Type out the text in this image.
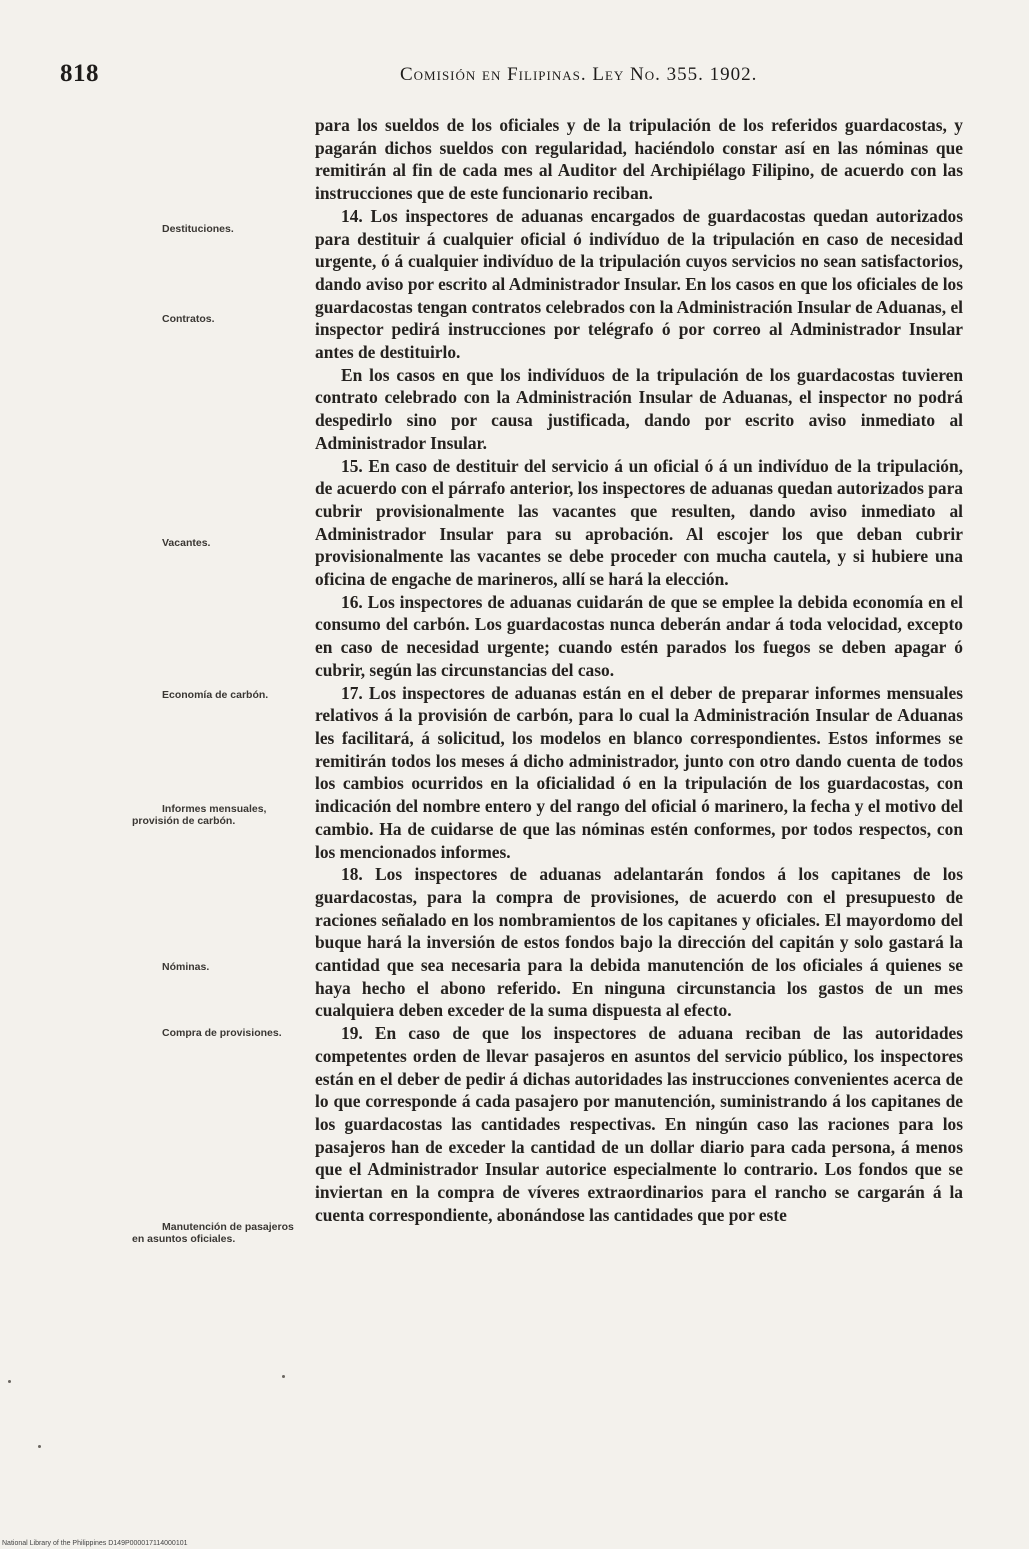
818	Comisión en Filipinas. Ley No. 355. 1902.
Destituciones.
Contratos.
Vacantes.
Economía de carbón.
Informes mensuales, provisión de carbón.
Nóminas.
Compra de provisiones.
Manutención de pasajeros en asuntos oficiales.

para los sueldos de los oficiales y de la tripulación de los referidos guardacostas, y pagarán dichos sueldos con regularidad, haciéndolo constar así en las nóminas que remitirán al fin de cada mes al Auditor del Archipiélago Filipino, de acuerdo con las instrucciones que de este funcionario reciban.

14. Los inspectores de aduanas encargados de guardacostas quedan autorizados para destituir á cualquier oficial ó indivíduo de la tripulación en caso de necesidad urgente, ó á cualquier indivíduo de la tripulación cuyos servicios no sean satisfactorios, dando aviso por escrito al Administrador Insular. En los casos en que los oficiales de los guardacostas tengan contratos celebrados con la Administración Insular de Aduanas, el inspector pedirá instrucciones por telégrafo ó por correo al Administrador Insular antes de destituirlo.

En los casos en que los indivíduos de la tripulación de los guardacostas tuvieren contrato celebrado con la Administración Insular de Aduanas, el inspector no podrá despedirlo sino por causa justificada, dando por escrito aviso inmediato al Administrador Insular.

15. En caso de destituir del servicio á un oficial ó á un indivíduo de la tripulación, de acuerdo con el párrafo anterior, los inspectores de aduanas quedan autorizados para cubrir provisionalmente las vacantes que resulten, dando aviso inmediato al Administrador Insular para su aprobación. Al escojer los que deban cubrir provisionalmente las vacantes se debe proceder con mucha cautela, y si hubiere una oficina de engache de marineros, allí se hará la elección.

16. Los inspectores de aduanas cuidarán de que se emplee la debida economía en el consumo del carbón. Los guardacostas nunca deberán andar á toda velocidad, excepto en caso de necesidad urgente; cuando estén parados los fuegos se deben apagar ó cubrir, según las circunstancias del caso.

17. Los inspectores de aduanas están en el deber de preparar informes mensuales relativos á la provisión de carbón, para lo cual la Administración Insular de Aduanas les facilitará, á solicitud, los modelos en blanco correspondientes. Estos informes se remitirán todos los meses á dicho administrador, junto con otro dando cuenta de todos los cambios ocurridos en la oficialidad ó en la tripulación de los guardacostas, con indicación del nombre entero y del rango del oficial ó marinero, la fecha y el motivo del cambio. Ha de cuidarse de que las nóminas estén conformes, por todos respectos, con los mencionados informes.

18. Los inspectores de aduanas adelantarán fondos á los capitanes de los guardacostas, para la compra de provisiones, de acuerdo con el presupuesto de raciones señalado en los nombramientos de los capitanes y oficiales. El mayordomo del buque hará la inversión de estos fondos bajo la dirección del capitán y solo gastará la cantidad que sea necesaria para la debida manutención de los oficiales á quienes se haya hecho el abono referido. En ninguna circunstancia los gastos de un mes cualquiera deben exceder de la suma dispuesta al efecto.

19. En caso de que los inspectores de aduana reciban de las autoridades competentes orden de llevar pasajeros en asuntos del servicio público, los inspectores están en el deber de pedir á dichas autoridades las instrucciones convenientes acerca de lo que corresponde á cada pasajero por manutención, suministrando á los capitanes de los guardacostas las cantidades respectivas. En ningún caso las raciones para los pasajeros han de exceder la cantidad de un dollar diario para cada persona, á menos que el Administrador Insular autorice especialmente lo contrario. Los fondos que se inviertan en la compra de víveres extraordinarios para el rancho se cargarán á la cuenta correspondiente, abonándose las cantidades que por este

National Library of the Philippines D149P000017114000101
